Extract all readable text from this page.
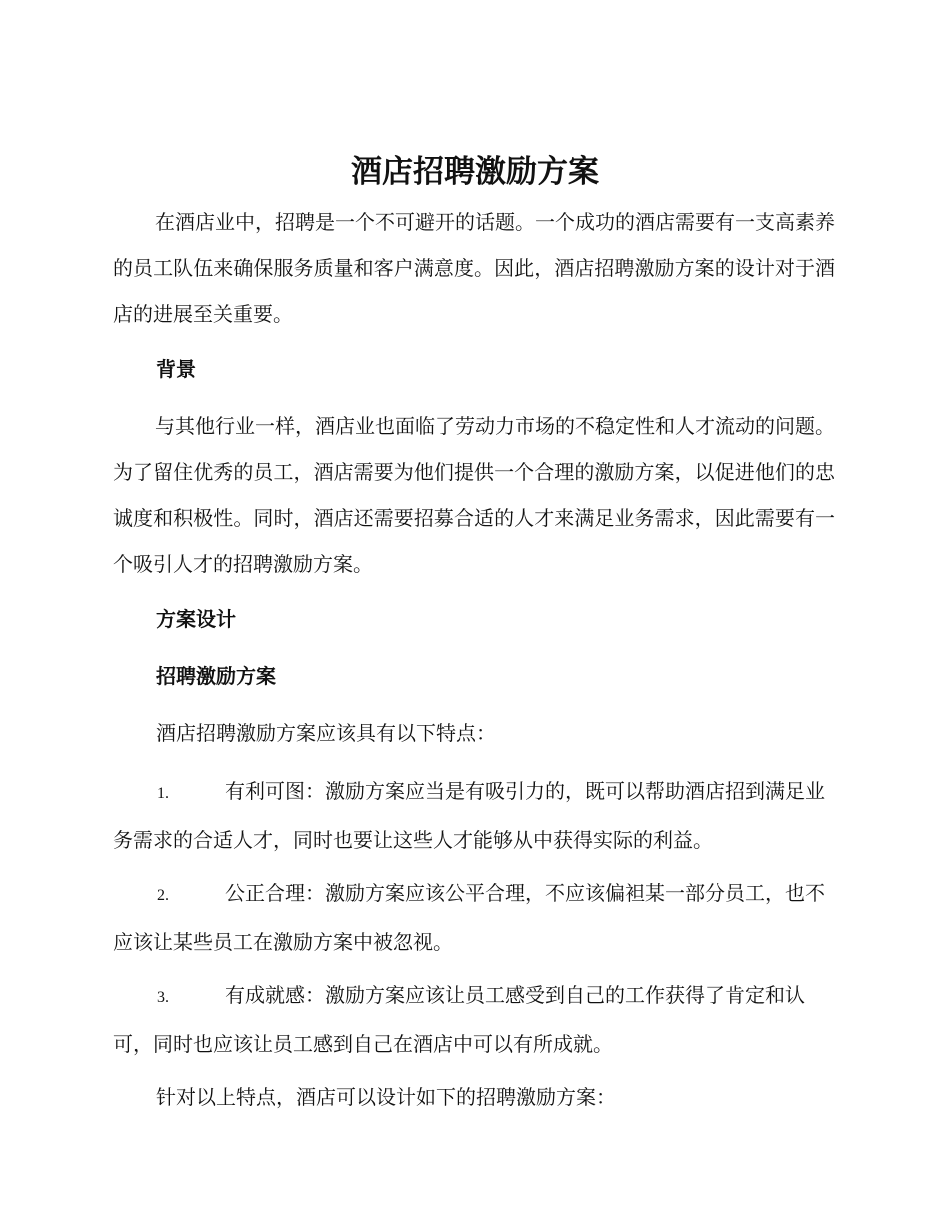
酒店招聘激励方案

在酒店业中，招聘是一个不可避开的话题。一个成功的酒店需要有一支高素养的员工队伍来确保服务质量和客户满意度。因此，酒店招聘激励方案的设计对于酒店的进展至关重要。

背景

与其他行业一样，酒店业也面临了劳动力市场的不稳定性和人才流动的问题。为了留住优秀的员工，酒店需要为他们提供一个合理的激励方案，以促进他们的忠诚度和积极性。同时，酒店还需要招募合适的人才来满足业务需求，因此需要有一个吸引人才的招聘激励方案。

方案设计
招聘激励方案
酒店招聘激励方案应该具有以下特点：
1.	有利可图：激励方案应当是有吸引力的，既可以帮助酒店招到满足业务需求的合适人才，同时也要让这些人才能够从中获得实际的利益。
2.	公正合理：激励方案应该公平合理，不应该偏袒某一部分员工，也不应该让某些员工在激励方案中被忽视。
3.	有成就感：激励方案应该让员工感受到自己的工作获得了肯定和认可，同时也应该让员工感到自己在酒店中可以有所成就。
针对以上特点，酒店可以设计如下的招聘激励方案：
